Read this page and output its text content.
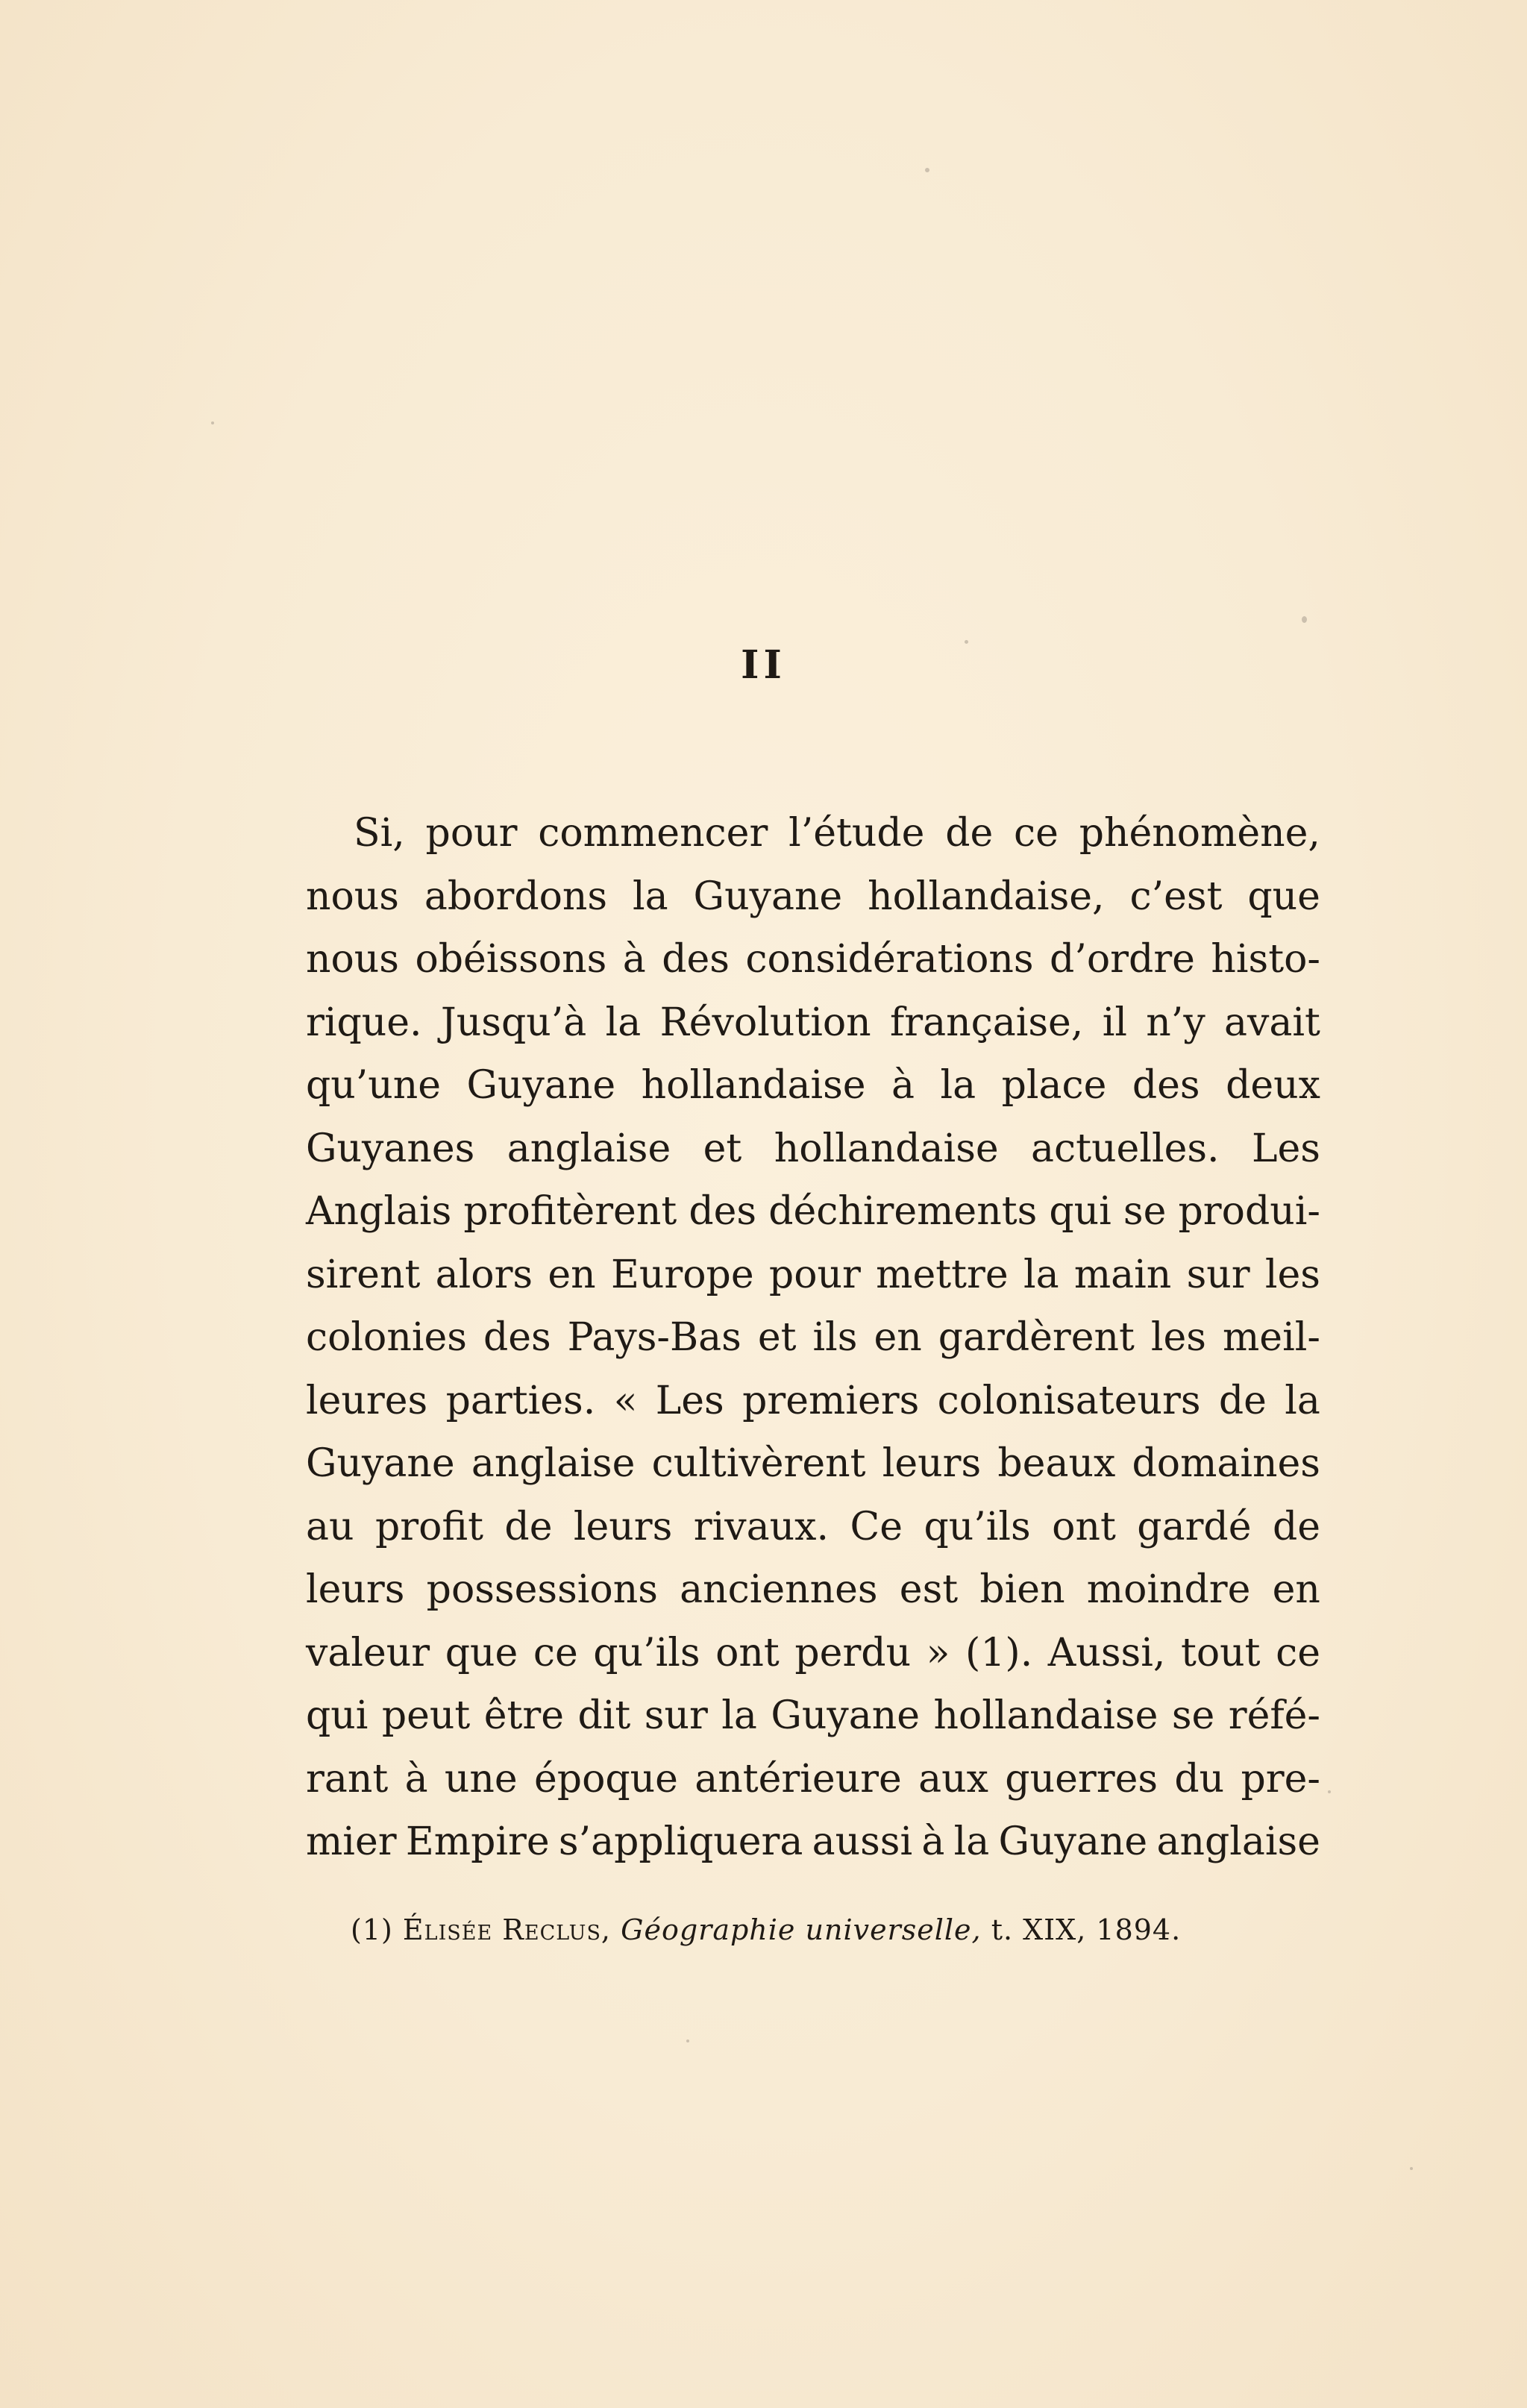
II
Si, pour commencer l’étude de ce phénomène,
nous abordons la Guyane hollandaise, c’est que
nous obéissons à des considérations d’ordre histo-
rique. Jusqu’à la Révolution française, il n’y avait
qu’une Guyane hollandaise à la place des deux
Guyanes anglaise et hollandaise actuelles. Les
Anglais profitèrent des déchirements qui se produi-
sirent alors en Europe pour mettre la main sur les
colonies des Pays-Bas et ils en gardèrent les meil-
leures parties. « Les premiers colonisateurs de la
Guyane anglaise cultivèrent leurs beaux domaines
au profit de leurs rivaux. Ce qu’ils ont gardé de
leurs possessions anciennes est bien moindre en
valeur que ce qu’ils ont perdu » (1). Aussi, tout ce
qui peut être dit sur la Guyane hollandaise se réfé-
rant à une époque antérieure aux guerres du pre-
mier Empire s’appliquera aussi à la Guyane anglaise
(1) Élisée Reclus, Géographie universelle, t. XIX, 1894.
